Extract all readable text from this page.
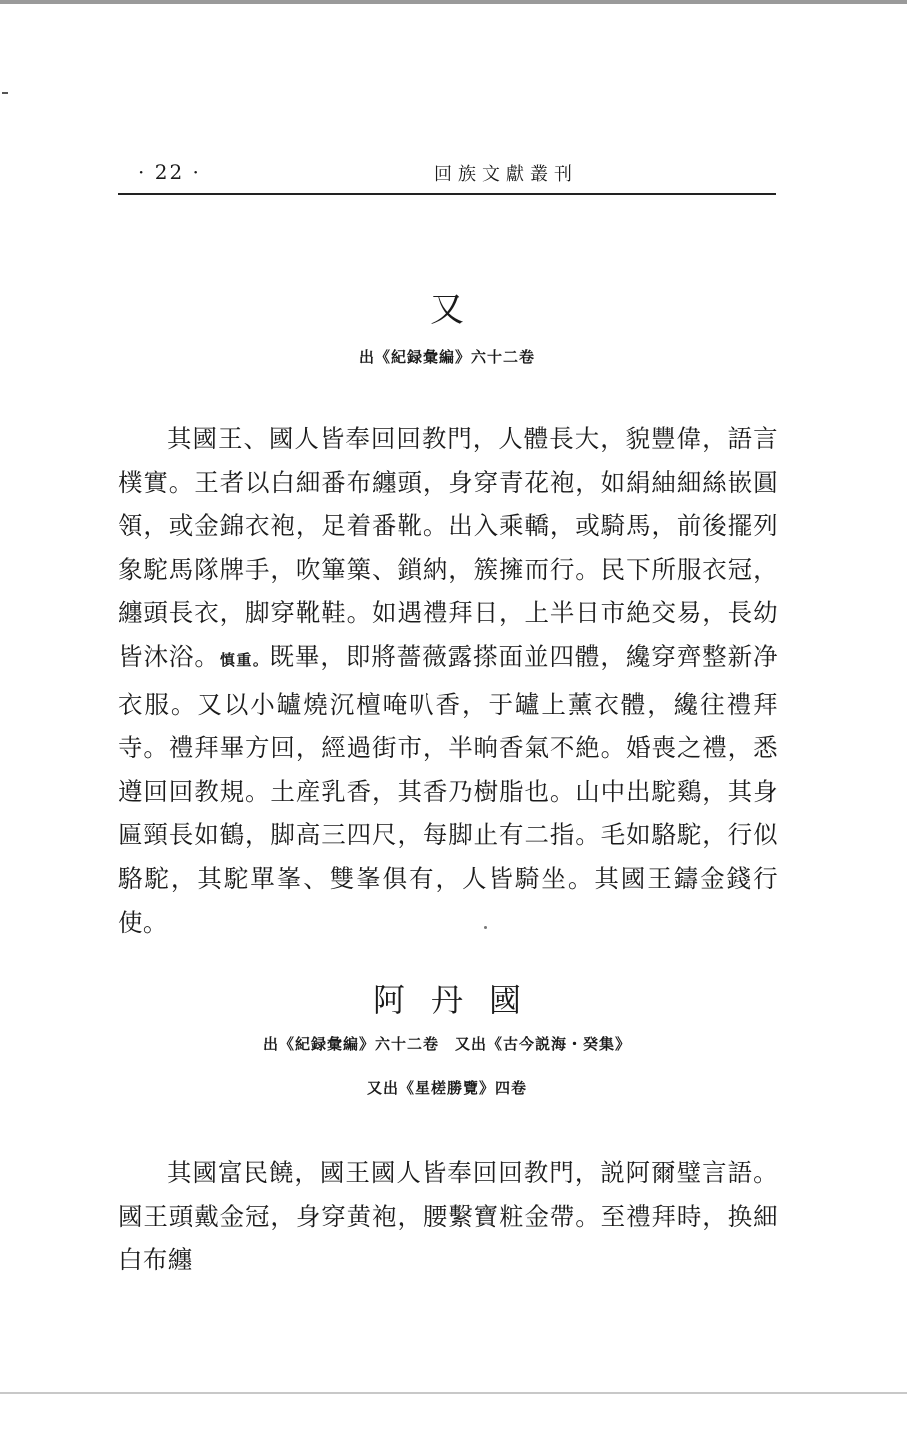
· 22 ·	回族文獻叢刊
又
出《紀録彙編》六十二卷

其國王、國人皆奉回回教門，人體長大，貌豐偉，語言樸實。王者以白細番布纏頭，身穿青花袍，如絹紬細絲嵌圓領，或金錦衣袍，足着番靴。出入乘轎，或騎馬，前後擺列象駝馬隊牌手，吹篳篥、鎖納，簇擁而行。民下所服衣冠，纏頭長衣，脚穿靴鞋。如遇禮拜日，上半日市絶交易，長幼皆沐浴。慎重。既畢，即將薔薇露搽面並四體，纔穿齊整新净衣服。又以小罏燒沉檀唵叭香，于罏上薰衣體，纔往禮拜寺。禮拜畢方回，經過街市，半晌香氣不絶。婚喪之禮，悉遵回回教規。土産乳香，其香乃樹脂也。山中出駝鷄，其身匾頸長如鶴，脚高三四尺，每脚止有二指。毛如駱駝，行似駱駝，其駝單峯、雙峯俱有，人皆騎坐。其國王鑄金錢行使。

阿丹國
出《紀録彙編》六十二卷　又出《古今説海・癸集》
又出《星槎勝覽》四卷

其國富民饒，國王國人皆奉回回教門，説阿爾璧言語。國王頭戴金冠，身穿黄袍，腰繫寶粧金帶。至禮拜時，换細白布纏
